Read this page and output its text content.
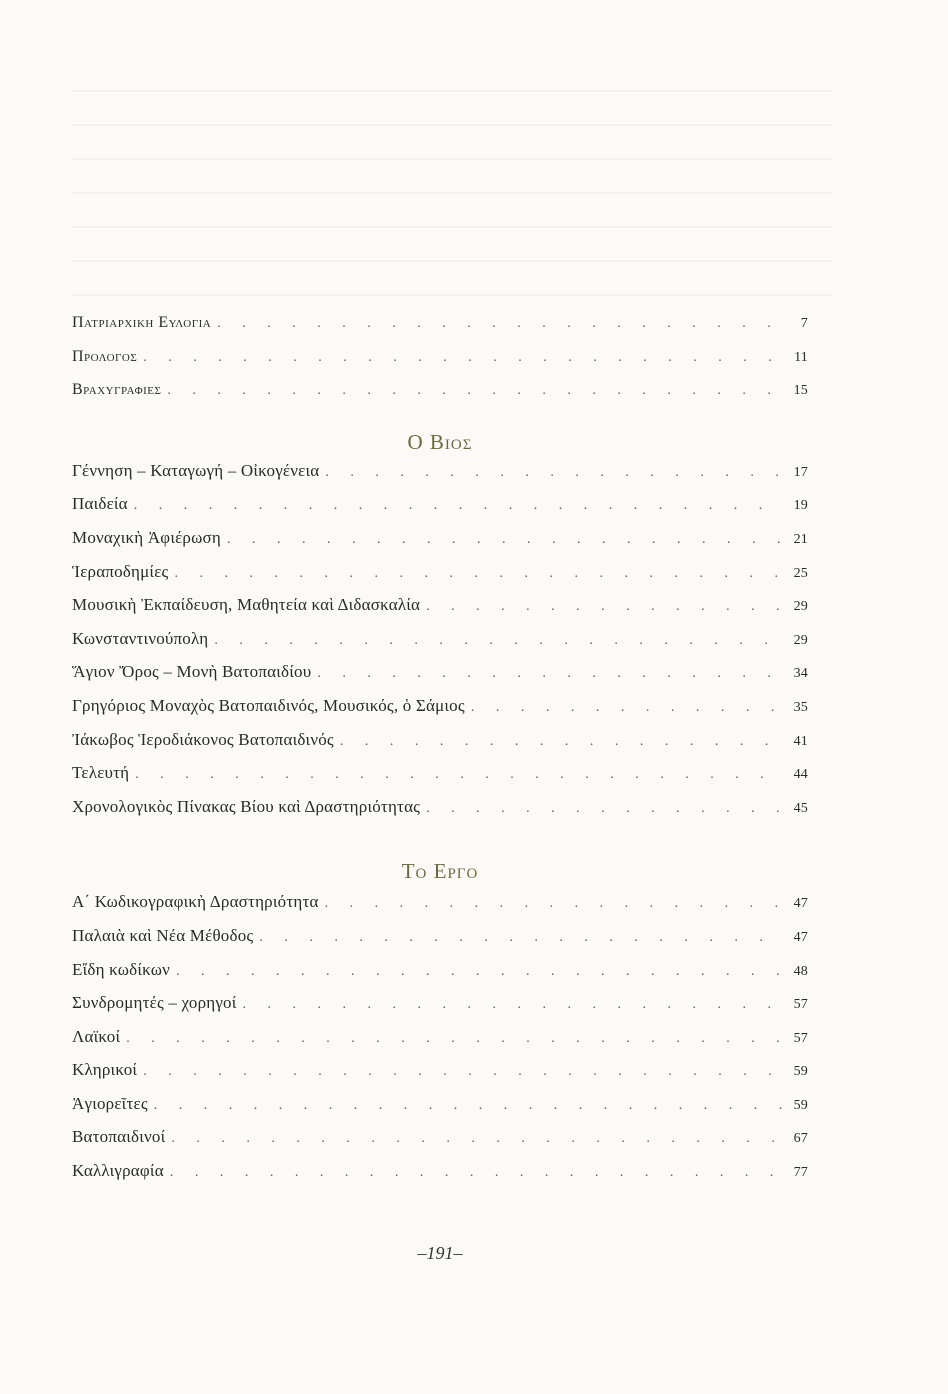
Πατριαρχικη Ευλογια . . .	7
Προλογος . . .	11
Βραχυγραφιες . . .	15
Ο Βιος
Γέννηση – Καταγωγή – Οἰκογένεια . . .	17
Παιδεία . . .	19
Μοναχικὴ Ἀφιέρωση . . .	21
Ἱεραποδημίες . . .	25
Μουσικὴ Ἐκπαίδευση, Μαθητεία καὶ Διδασκαλία . . .	29
Κωνσταντινούπολη . . .	29
Ἅγιον Ὄρος – Μονὴ Βατοπαιδίου . . .	34
Γρηγόριος Μοναχὸς Βατοπαιδινός, Μουσικός, ὁ Σάμιος . . .	35
Ἰάκωβος Ἱεροδιάκονος Βατοπαιδινός . . .	41
Τελευτή . . .	44
Χρονολογικὸς Πίνακας Βίου καὶ Δραστηριότητας . . .	45
Το Εργο
Α΄ Κωδικογραφικὴ Δραστηριότητα . . .	47
Παλαιὰ καὶ Νέα Μέθοδος . . .	47
Εἴδη κωδίκων . . .	48
Συνδρομητές – χορηγοί . . .	57
Λαϊκοί . . .	57
Κληρικοί . . .	59
Ἁγιορεῖτες . . .	59
Βατοπαιδινοί . . .	67
Καλλιγραφία . . .	77
–191–
